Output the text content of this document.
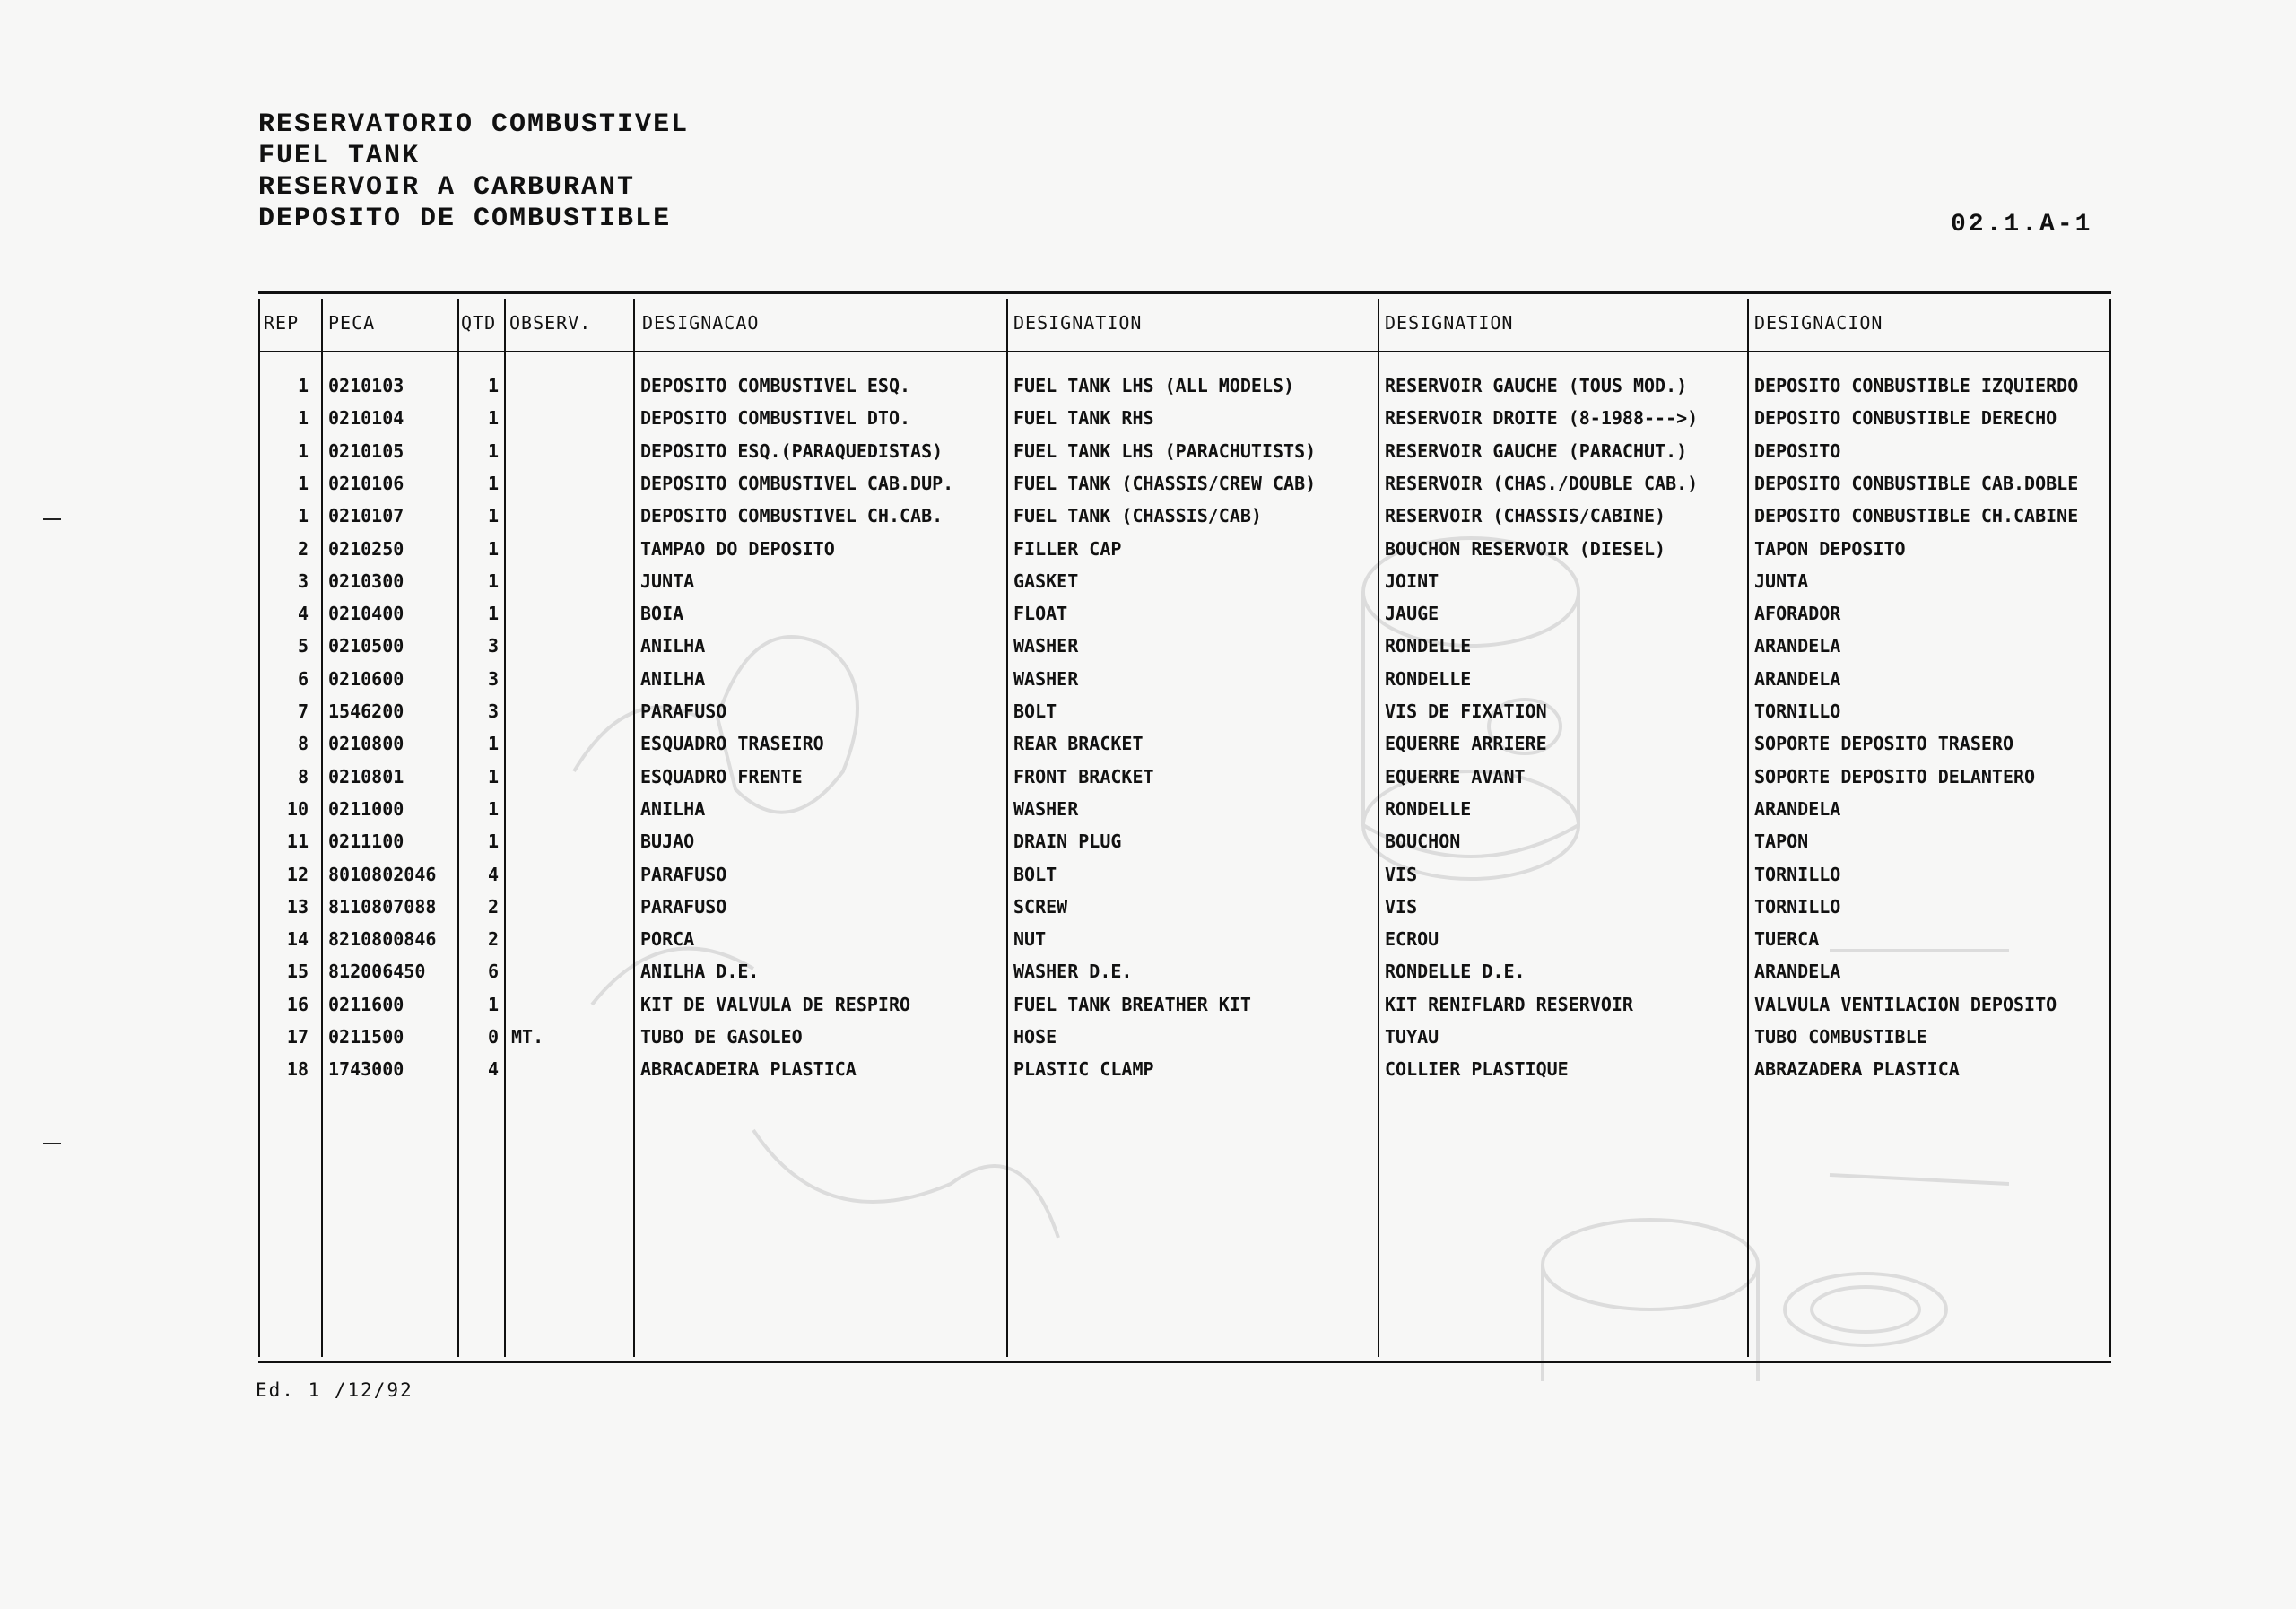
RESERVATORIO COMBUSTIVEL
FUEL TANK
RESERVOIR A CARBURANT
DEPOSITO DE COMBUSTIBLE	02.1.A-1
REP PECA	QTD OBSERV.	DESIGNACAO	DESIGNATION	DESIGNATION	DESIGNACION
1 0210103	1	DEPOSITO COMBUSTIVEL ESQ.	FUEL TANK LHS (ALL MODELS)	RESERVOIR GAUCHE (TOUS MOD.)	DEPOSITO CONBUSTIBLE IZQUIERDO
1 0210104	1	DEPOSITO COMBUSTIVEL DTO.	FUEL TANK RHS	RESERVOIR DROITE (8-1988--->)	DEPOSITO CONBUSTIBLE DERECHO
1 0210105	1	DEPOSITO ESQ.(PARAQUEDISTAS)	FUEL TANK LHS (PARACHUTISTS)	RESERVOIR GAUCHE (PARACHUT.)	DEPOSITO
1 0210106	1	DEPOSITO COMBUSTIVEL CAB.DUP.	FUEL TANK (CHASSIS/CREW CAB)	RESERVOIR (CHAS./DOUBLE CAB.)	DEPOSITO CONBUSTIBLE CAB.DOBLE
1 0210107	1	DEPOSITO COMBUSTIVEL CH.CAB.	FUEL TANK (CHASSIS/CAB)	RESERVOIR (CHASSIS/CABINE)	DEPOSITO CONBUSTIBLE CH.CABINE
2 0210250	1	TAMPAO DO DEPOSITO	FILLER CAP	BOUCHON RESERVOIR (DIESEL)	TAPON DEPOSITO
3 0210300	1	JUNTA	GASKET	JOINT	JUNTA
4 0210400	1	BOIA	FLOAT	JAUGE	AFORADOR
5 0210500	3	ANILHA	WASHER	RONDELLE	ARANDELA
6 0210600	3	ANILHA	WASHER	RONDELLE	ARANDELA
7 1546200	3	PARAFUSO	BOLT	VIS DE FIXATION	TORNILLO
8 0210800	1	ESQUADRO TRASEIRO	REAR BRACKET	EQUERRE ARRIERE	SOPORTE DEPOSITO TRASERO
8 0210801	1	ESQUADRO FRENTE	FRONT BRACKET	EQUERRE AVANT	SOPORTE DEPOSITO DELANTERO
10 0211000	1	ANILHA	WASHER	RONDELLE	ARANDELA
11 0211100	1	BUJAO	DRAIN PLUG	BOUCHON	TAPON
12 8010802046	4	PARAFUSO	BOLT	VIS	TORNILLO
13 8110807088	2	PARAFUSO	SCREW	VIS	TORNILLO
14 8210800846	2	PORCA	NUT	ECROU	TUERCA
15 812006450	6	ANILHA D.E.	WASHER D.E.	RONDELLE D.E.	ARANDELA
16 0211600	1	KIT DE VALVULA DE RESPIRO	FUEL TANK BREATHER KIT	KIT RENIFLARD RESERVOIR	VALVULA VENTILACION DEPOSITO
17 0211500	0 MT.	TUBO DE GASOLEO	HOSE	TUYAU	TUBO COMBUSTIBLE
18 1743000	4	ABRACADEIRA PLASTICA	PLASTIC CLAMP	COLLIER PLASTIQUE	ABRAZADERA PLASTICA
Ed. 1 /12/92
